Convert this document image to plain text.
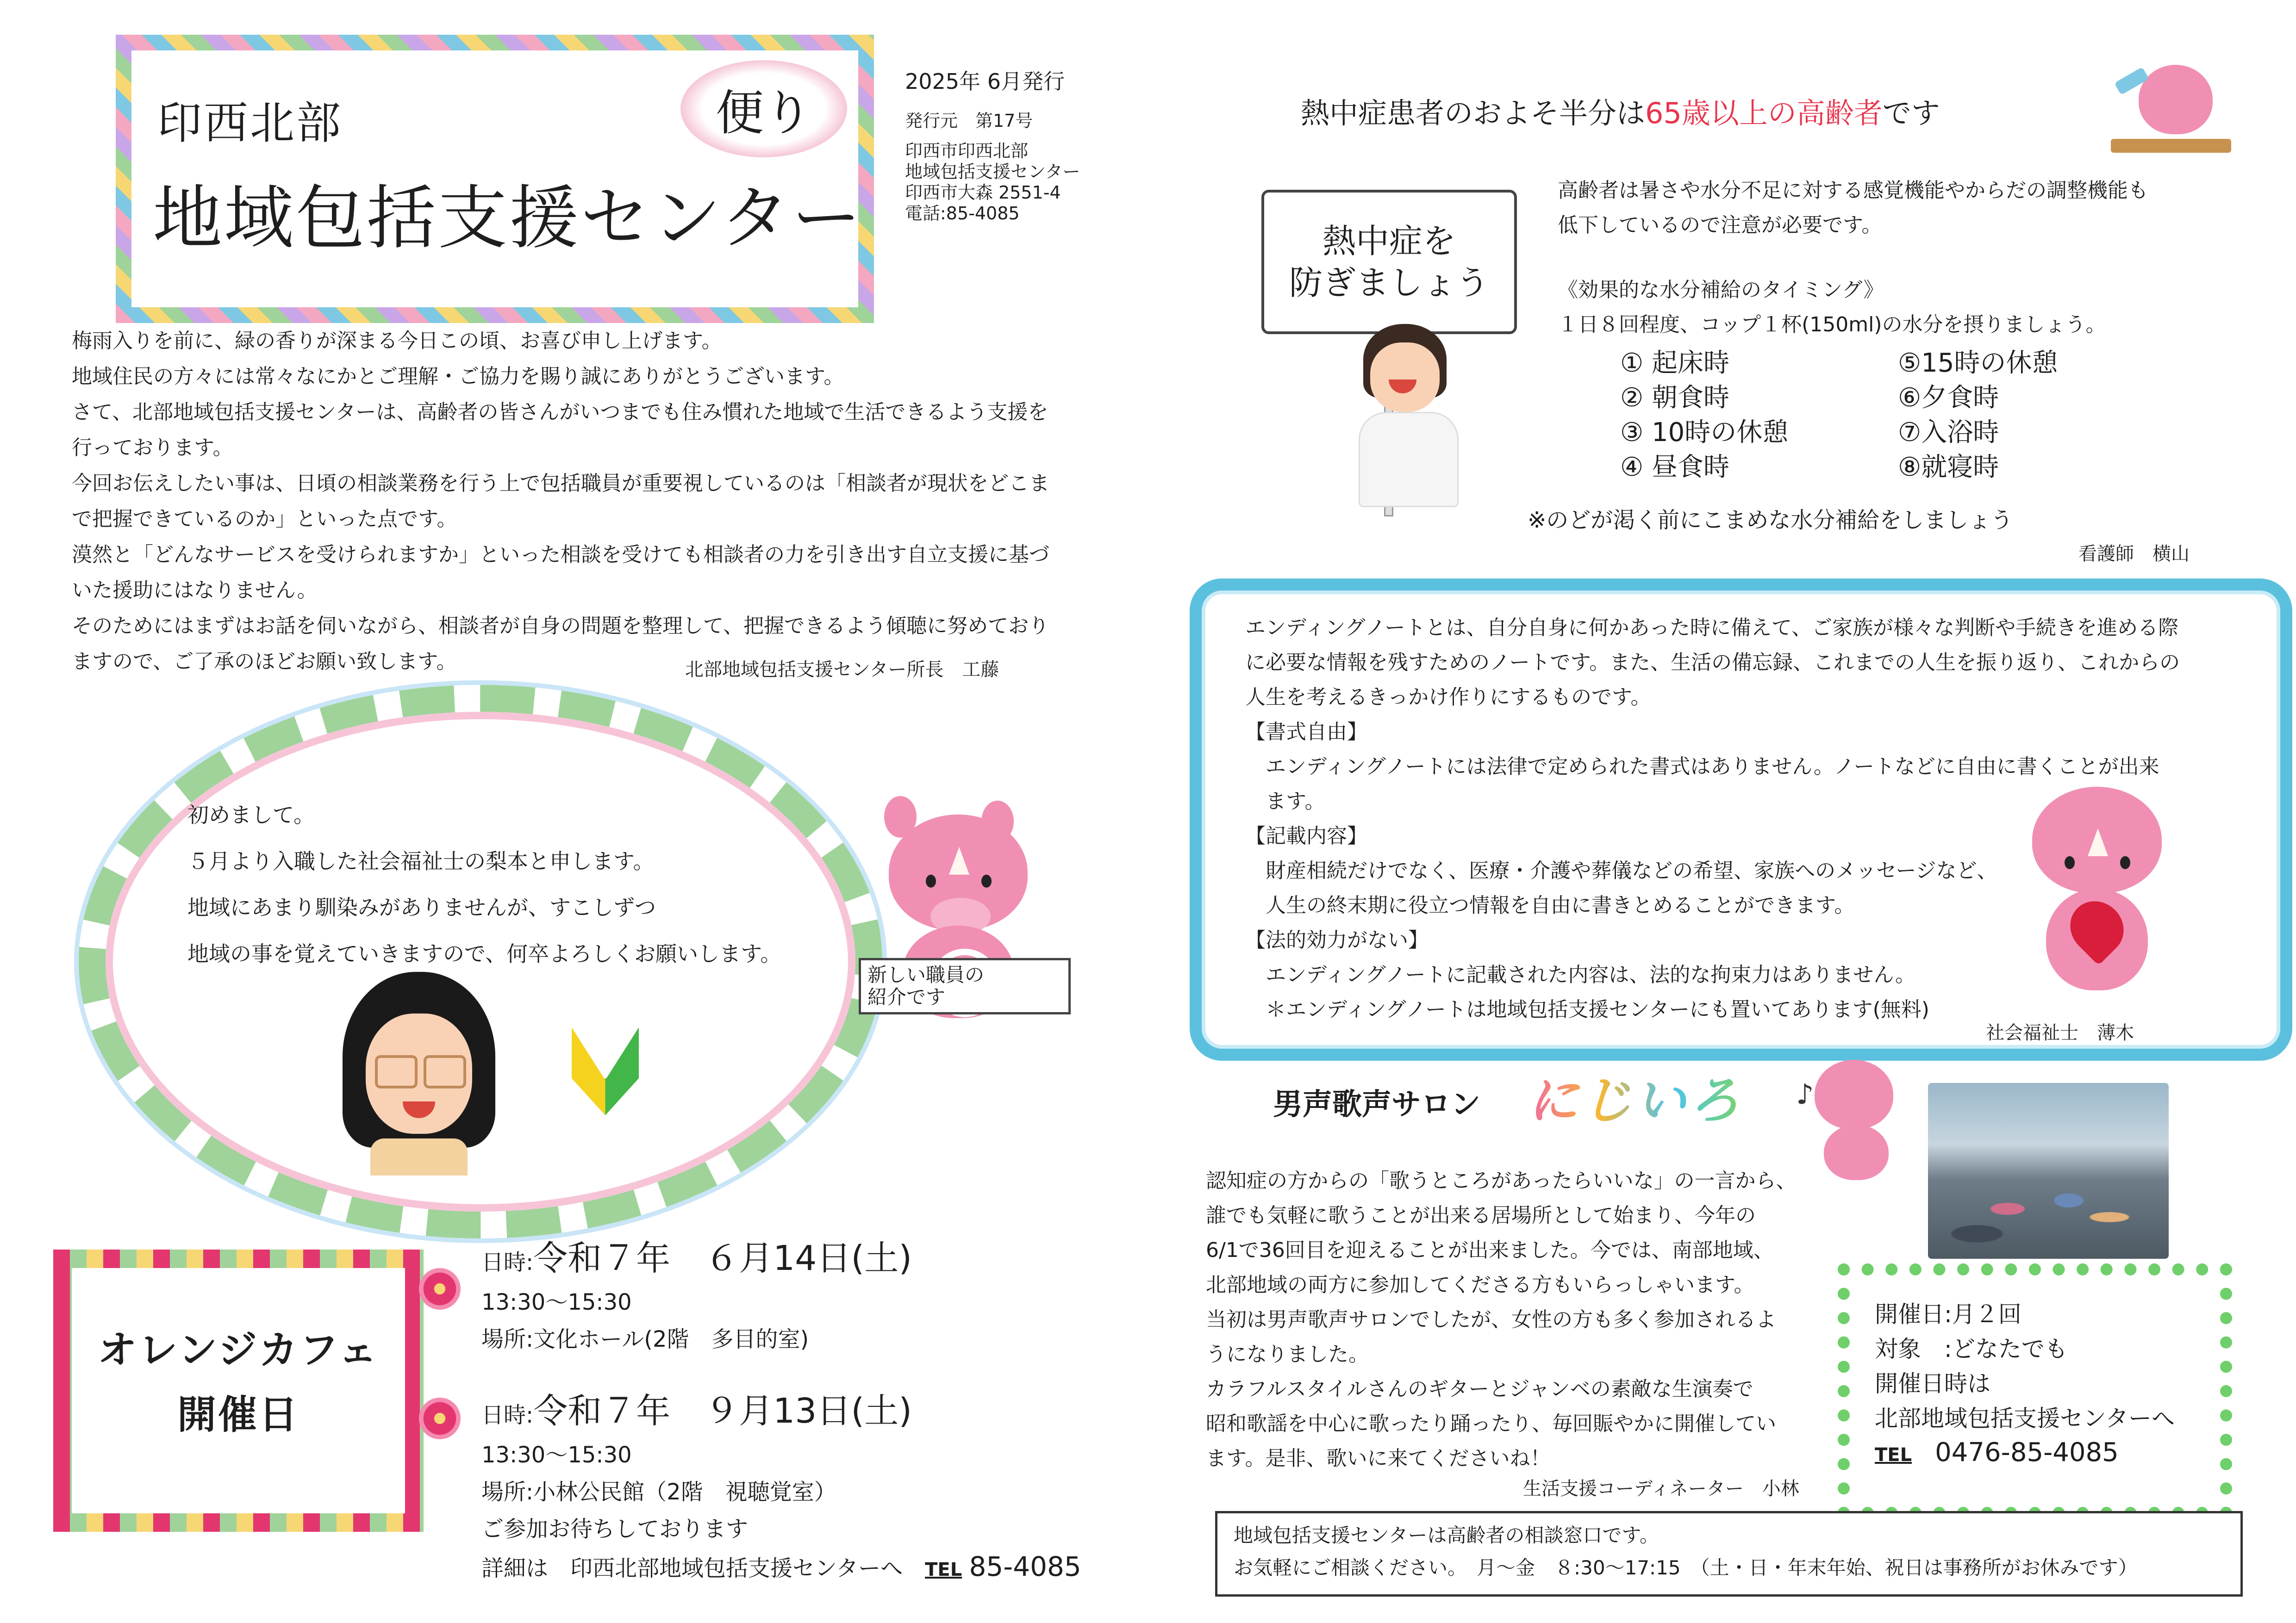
印西北部
地域包括支援センター
便り
2025年 6月発行
発行元　第17号
印西市印西北部
地域包括支援センター
印西市大森 2551-4
電話:85-4085
梅雨入りを前に、緑の香りが深まる今日この頃、お喜び申し上げます。
地域住民の方々には常々なにかとご理解・ご協力を賜り誠にありがとうございます。
さて、北部地域包括支援センターは、高齢者の皆さんがいつまでも住み慣れた地域で生活できるよう支援を
行っております。
今回お伝えしたい事は、日頃の相談業務を行う上で包括職員が重要視しているのは「相談者が現状をどこま
で把握できているのか」といった点です。
漠然と「どんなサービスを受けられますか」といった相談を受けても相談者の力を引き出す自立支援に基づ
いた援助にはなりません。
そのためにはまずはお話を伺いながら、相談者が自身の問題を整理して、把握できるよう傾聴に努めており
ますので、ご了承のほどお願い致します。	北部地域包括支援センター所長　工藤
初めまして。
５月より入職した社会福祉士の梨本と申します。
地域にあまり馴染みがありませんが、すこしずつ
地域の事を覚えていきますので、何卒よろしくお願いします。
新しい職員の
紹介です
オレンジカフェ
開催日
日時:令和７年　６月14日(土)
13:30～15:30
場所:文化ホール(2階　多目的室)
日時:令和７年　９月13日(土)
13:30～15:30
場所:小林公民館（2階　視聴覚室）
ご参加お待ちしております
詳細は　印西北部地域包括支援センターへ　 TEL 85-4085
熱中症患者のおよそ半分は65歳以上の高齢者です
熱中症を
防ぎましょう
高齢者は暑さや水分不足に対する感覚機能やからだの調整機能も
低下しているので注意が必要です。
《効果的な水分補給のタイミング》
１日８回程度、コップ１杯(150ml)の水分を摂りましょう。
① 起床時
② 朝食時
③ 10時の休憩
④ 昼食時
⑤15時の休憩
⑥夕食時
⑦入浴時
⑧就寝時
※のどが渇く前にこまめな水分補給をしましょう
看護師　横山
エンディングノートとは、自分自身に何かあった時に備えて、ご家族が様々な判断や手続きを進める際
に必要な情報を残すためのノートです。また、生活の備忘録、これまでの人生を振り返り、これからの
人生を考えるきっかけ作りにするものです。
【書式自由】
　エンディングノートには法律で定められた書式はありません。ノートなどに自由に書くことが出来
　ます。
【記載内容】
　財産相続だけでなく、医療・介護や葬儀などの希望、家族へのメッセージなど、
　人生の終末期に役立つ情報を自由に書きとめることができます。
【法的効力がない】
　エンディングノートに記載された内容は、法的な拘束力はありません。
　＊エンディングノートは地域包括支援センターにも置いてあります(無料)
社会福祉士　薄木
男声歌声サロン にじいろ ♪
認知症の方からの「歌うところがあったらいいな」の一言から、
誰でも気軽に歌うことが出来る居場所として始まり、今年の
6/1で36回目を迎えることが出来ました。今では、南部地域、
北部地域の両方に参加してくださる方もいらっしゃいます。
当初は男声歌声サロンでしたが、女性の方も多く参加されるよ
うになりました。
カラフルスタイルさんのギターとジャンベの素敵な生演奏で
昭和歌謡を中心に歌ったり踊ったり、毎回賑やかに開催してい
ます。是非、歌いに来てくださいね！
生活支援コーディネーター　小林
開催日:月２回
対象　:どなたでも
開催日時は
北部地域包括支援センターへ
TEL　 0476-85-4085
地域包括支援センターは高齢者の相談窓口です。
お気軽にご相談ください。　月～金　８:30～17:15　（土・日・年末年始、祝日は事務所がお休みです）
